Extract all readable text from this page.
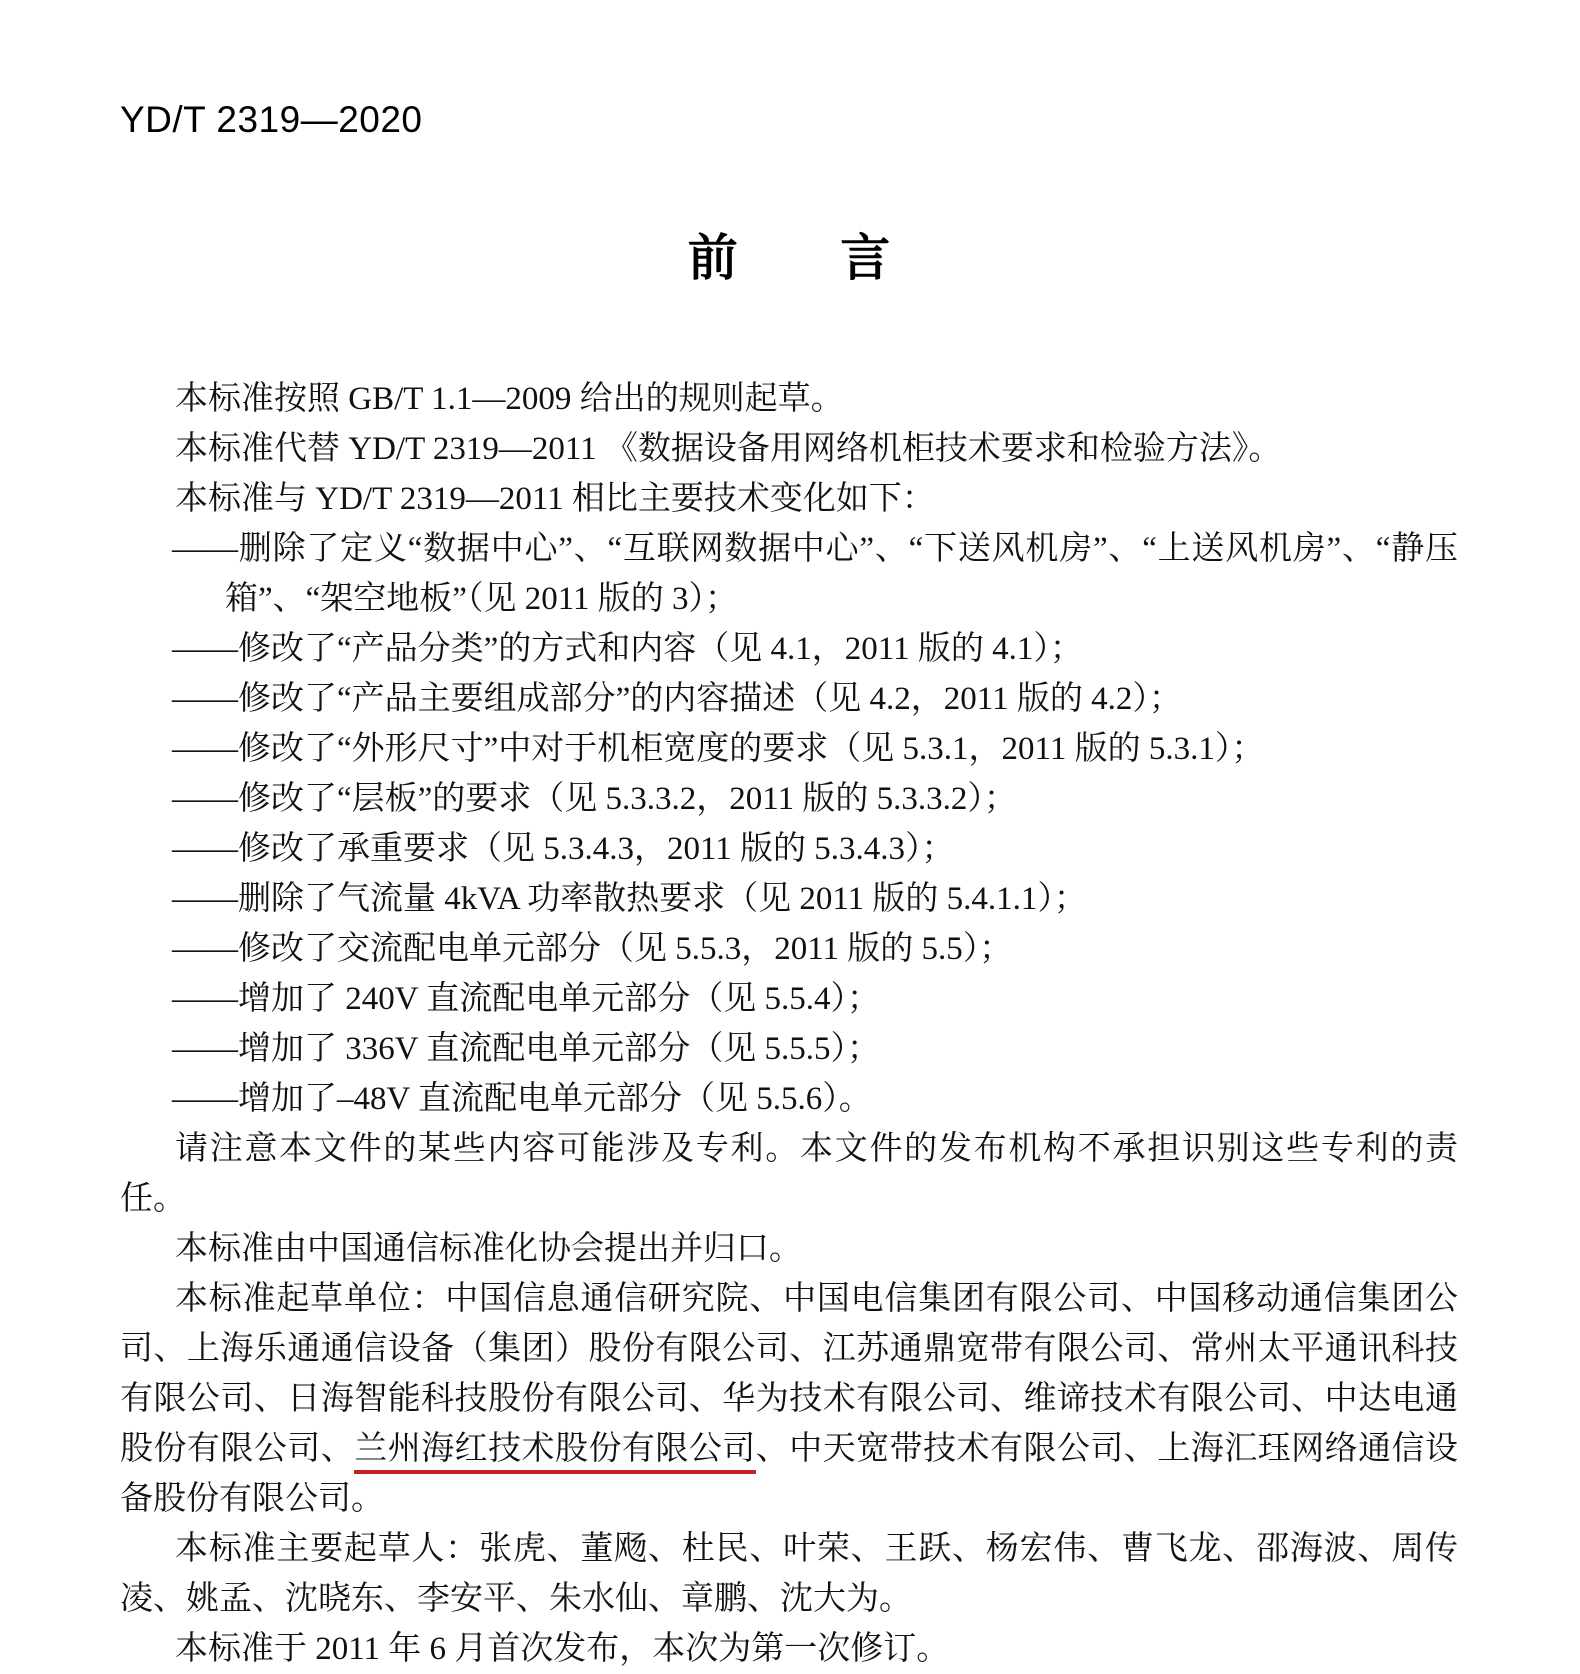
YD/T 2319—2020
前言

本标准按照 GB/T 1.1—2009 给出的规则起草。

本标准代替 YD/T 2319—2011 《数据设备用网络机柜技术要求和检验方法》。

本标准与 YD/T 2319—2011 相比主要技术变化如下：

——删除了定义“数据中心”、“互联网数据中心”、“下送风机房”、“上送风机房”、“静压箱”、“架空地板”（见 2011 版的 3）；
——修改了“产品分类”的方式和内容（见 4.1，2011 版的 4.1）；
——修改了“产品主要组成部分”的内容描述（见 4.2，2011 版的 4.2）；
——修改了“外形尺寸”中对于机柜宽度的要求（见 5.3.1，2011 版的 5.3.1）；
——修改了“层板”的要求（见 5.3.3.2，2011 版的 5.3.3.2）；
——修改了承重要求（见 5.3.4.3，2011 版的 5.3.4.3）；
——删除了气流量 4kVA 功率散热要求（见 2011 版的 5.4.1.1）；
——修改了交流配电单元部分（见 5.5.3，2011 版的 5.5）；
——增加了 240V 直流配电单元部分（见 5.5.4）；
——增加了 336V 直流配电单元部分（见 5.5.5）；
——增加了–48V 直流配电单元部分（见 5.5.6）。

请注意本文件的某些内容可能涉及专利。本文件的发布机构不承担识别这些专利的责任。

本标准由中国通信标准化协会提出并归口。

本标准起草单位：中国信息通信研究院、中国电信集团有限公司、中国移动通信集团公司、上海乐通通信设备（集团）股份有限公司、江苏通鼎宽带有限公司、常州太平通讯科技有限公司、日海智能科技股份有限公司、华为技术有限公司、维谛技术有限公司、中达电通股份有限公司、兰州海红技术股份有限公司、中天宽带技术有限公司、上海汇珏网络通信设备股份有限公司。

本标准主要起草人：张虎、董飏、杜民、叶荣、王跃、杨宏伟、曹飞龙、邵海波、周传凌、姚孟、沈晓东、李安平、朱水仙、章鹏、沈大为。

本标准于 2011 年 6 月首次发布，本次为第一次修订。
